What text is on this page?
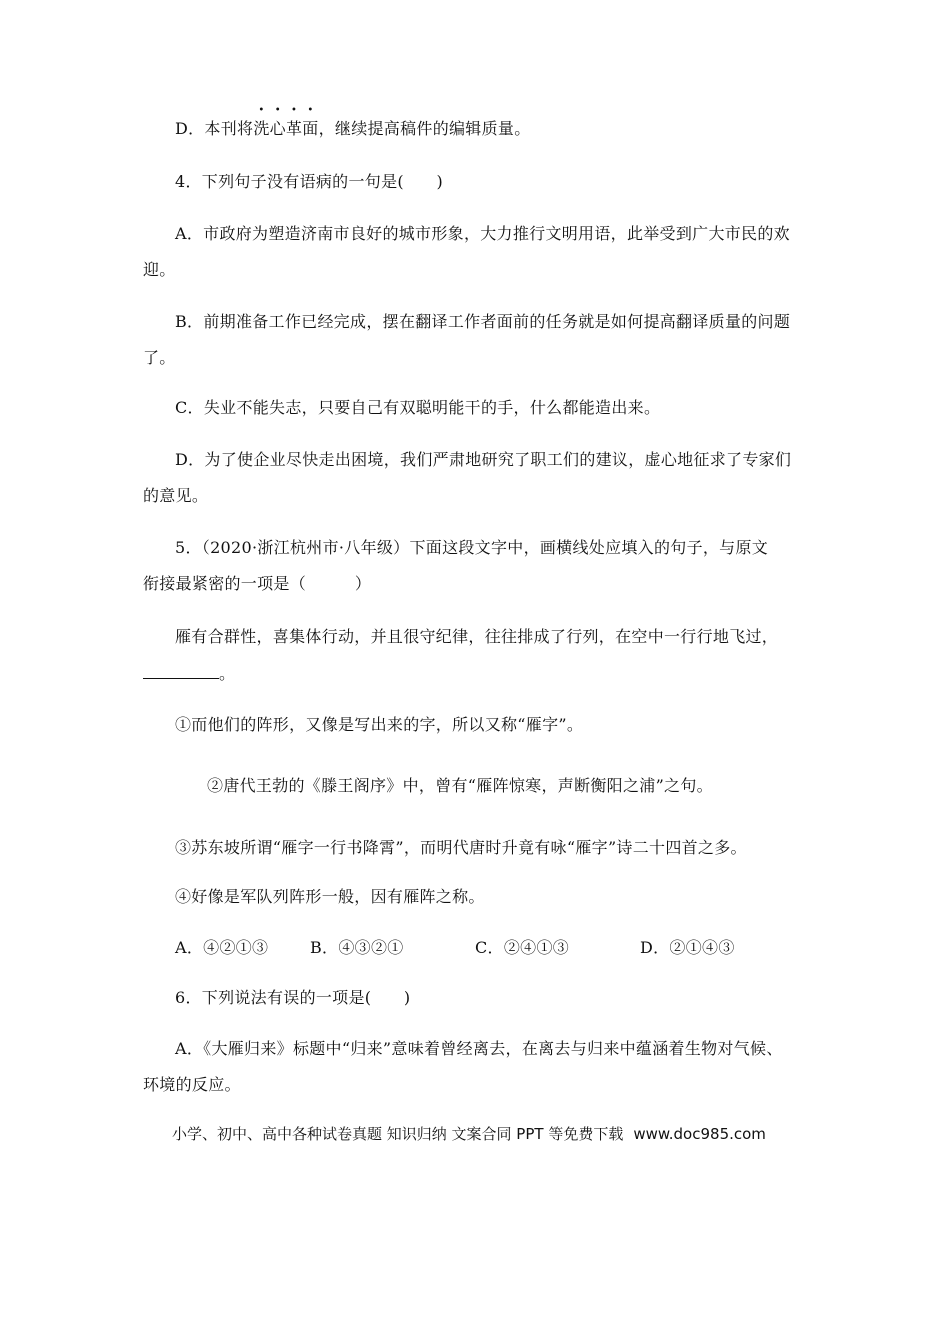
D．本刊将洗心革面，继续提高稿件的编辑质量。
4．下列句子没有语病的一句是(　　)
A．市政府为塑造济南市良好的城市形象，大力推行文明用语，此举受到广大市民的欢
迎。
B．前期准备工作已经完成，摆在翻译工作者面前的任务就是如何提高翻译质量的问题
了。
C．失业不能失志，只要自己有双聪明能干的手，什么都能造出来。
D．为了使企业尽快走出困境，我们严肃地研究了职工们的建议，虚心地征求了专家们
的意见。
5．（2020·浙江杭州市·八年级）下面这段文字中，画横线处应填入的句子，与原文
衔接最紧密的一项是（　　　）
雁有合群性，喜集体行动，并且很守纪律，往往排成了行列，在空中一行行地飞过，
。
①而他们的阵形，又像是写出来的字，所以又称“雁字”。
②唐代王勃的《滕王阁序》中，曾有“雁阵惊寒，声断衡阳之浦”之句。
③苏东坡所谓“雁字一行书降霄”，而明代唐时升竟有咏“雁字”诗二十四首之多。
④好像是军队列阵形一般，因有雁阵之称。
A．④②①③	B．④③②①	C．②④①③	D．②①④③
6．下列说法有误的一项是(　　)
A．《大雁归来》标题中“归来”意味着曾经离去，在离去与归来中蕴涵着生物对气候、
环境的反应。
小学、初中、高中各种试卷真题 知识归纳 文案合同 PPT 等免费下载 www.doc985.com
